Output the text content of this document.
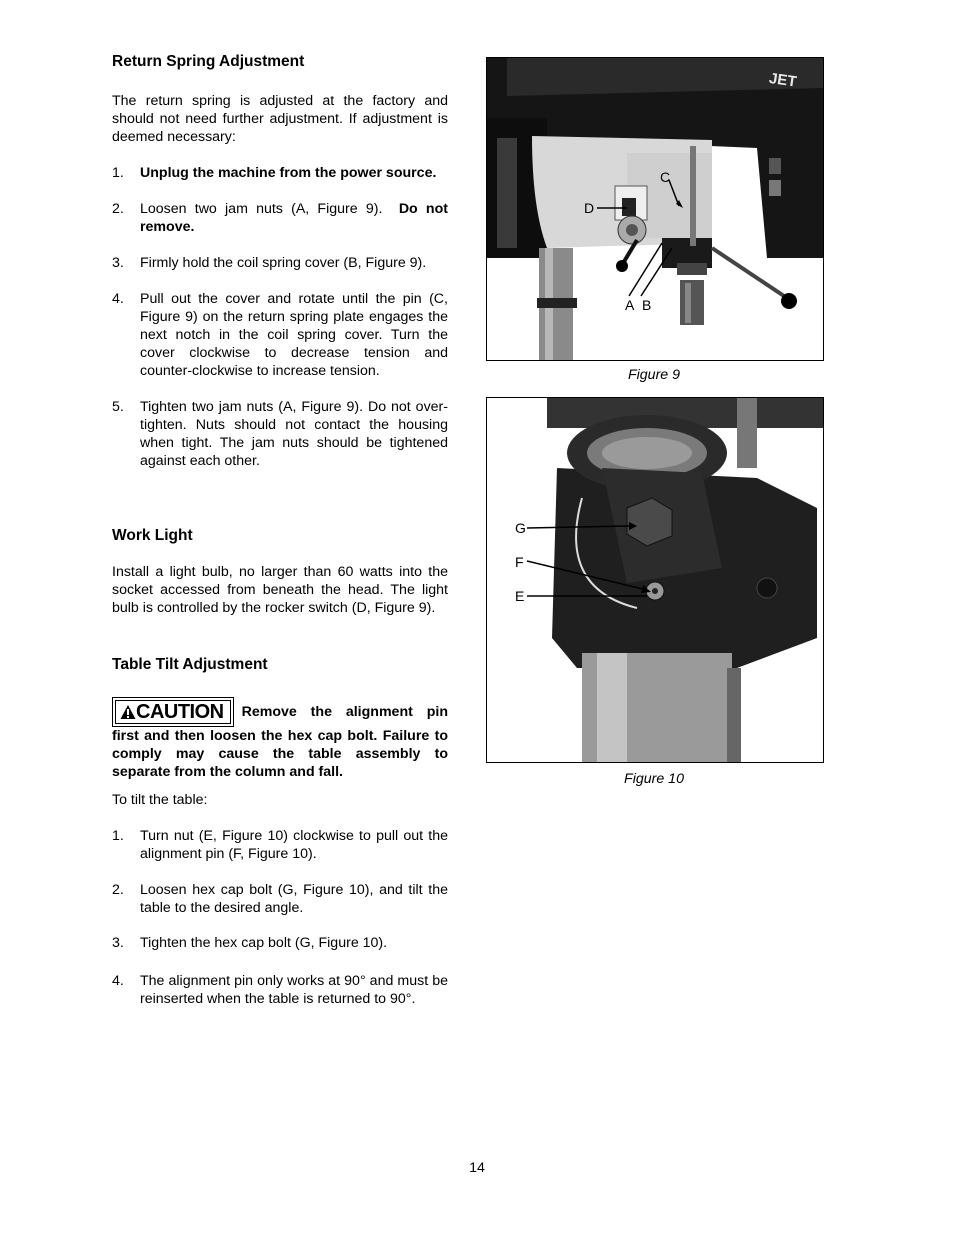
Return Spring Adjustment

The return spring is adjusted at the factory and should not need further adjustment. If adjustment is deemed necessary:

1.	Unplug the machine from the power source.
2.	Loosen two jam nuts (A, Figure 9). Do not remove.
3.	Firmly hold the coil spring cover (B, Figure 9).
4.	Pull out the cover and rotate until the pin (C, Figure 9) on the return spring plate engages the next notch in the coil spring cover. Turn the cover clockwise to decrease tension and counter-clockwise to increase tension.
5.	Tighten two jam nuts (A, Figure 9). Do not over-tighten. Nuts should not contact the housing when tight. The jam nuts should be tightened against each other.
Work Light

Install a light bulb, no larger than 60 watts into the socket accessed from beneath the head. The light bulb is controlled by the rocker switch (D, Figure 9).

Table Tilt Adjustment

CAUTION Remove the alignment pin first and then loosen the hex cap bolt. Failure to comply may cause the table assembly to separate from the column and fall.

To tilt the table:

1.	Turn nut (E, Figure 10) clockwise to pull out the alignment pin (F, Figure 10).
2.	Loosen hex cap bolt (G, Figure 10), and tilt the table to the desired angle.
3.	Tighten the hex cap bolt (G, Figure 10).
4.	The alignment pin only works at 90° and must be reinserted when the table is returned to 90°.
JET
C
D
A B
Figure 9
G
F
E
Figure 10
14
